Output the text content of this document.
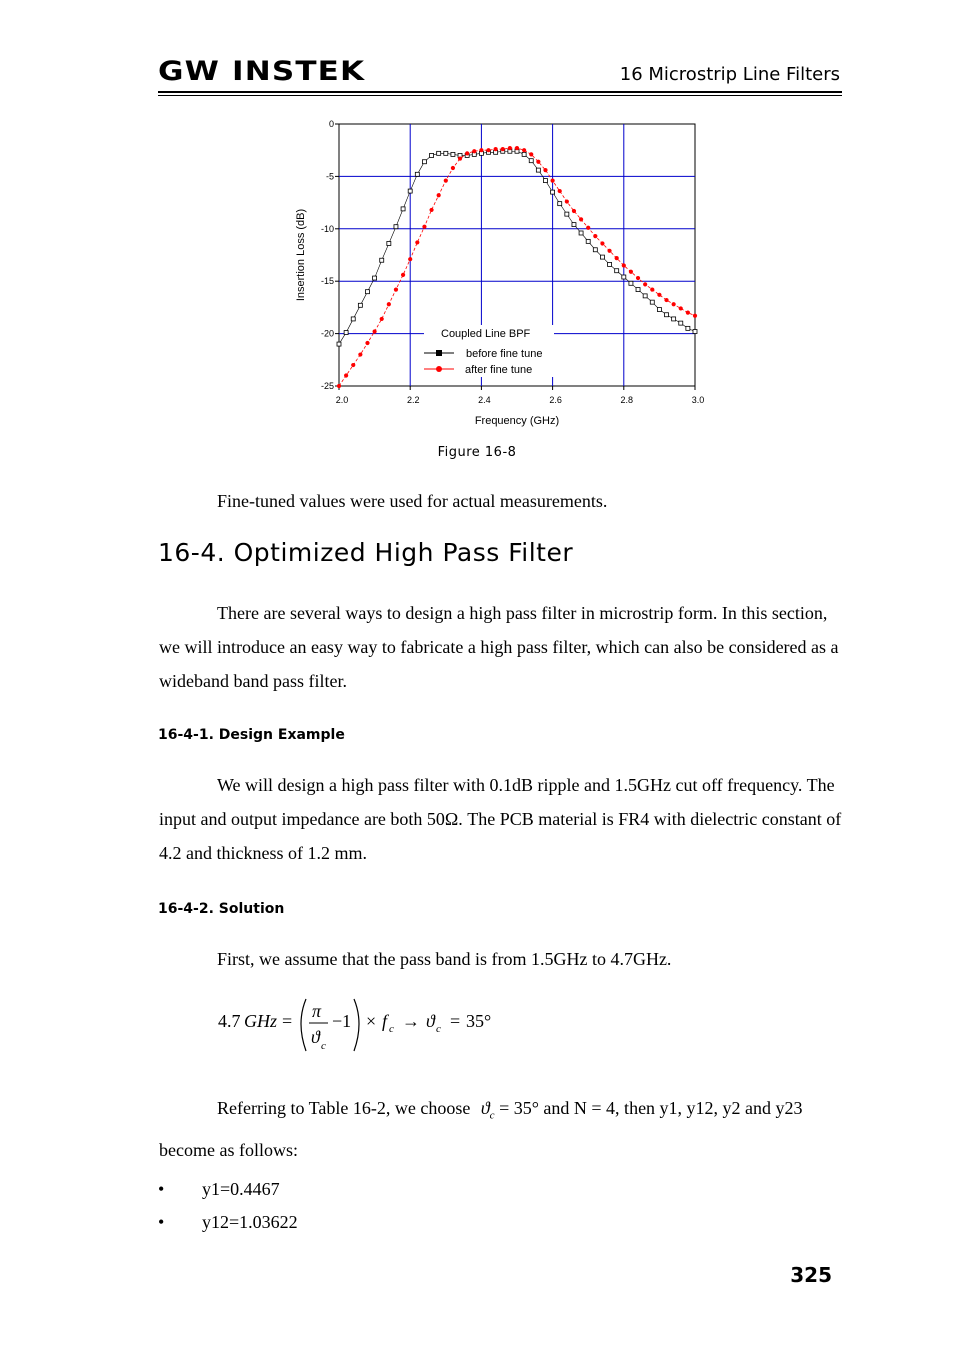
GW INSTEK	16 Microstrip Line Filters
2.0	2.2	2.4	2.6	2.8	3.0
0
-5
-10
-15
-20
-25
Frequency (GHz)
Insertion Loss (dB)
Coupled Line BPF
before fine tune
after fine tune
Figure 16-8
Fine-tuned values were used for actual measurements.
16-4. Optimized High Pass Filter
There are several ways to design a high pass filter in microstrip form. In this section, we will introduce an easy way to fabricate a high pass filter, which can also be considered as a wideband band pass filter.
16-4-1. Design Example
We will design a high pass filter with 0.1dB ripple and 1.5GHz cut off frequency. The input and output impedance are both 50Ω. The PCB material is FR4 with dielectric constant of 4.2 and thickness of 1.2 mm.
16-4-2. Solution
First, we assume that the pass band is from 1.5GHz to 4.7GHz.
4.7 GHz = π
ϑ c
−1 × f c → ϑ c = 35°
Referring to Table 16-2, we choose $ϑ_c = 35^\circ$ and N = 4, then y1, y12, y2 and y23 become as follows:
• y1=0.4467
• y12=1.03622
325
